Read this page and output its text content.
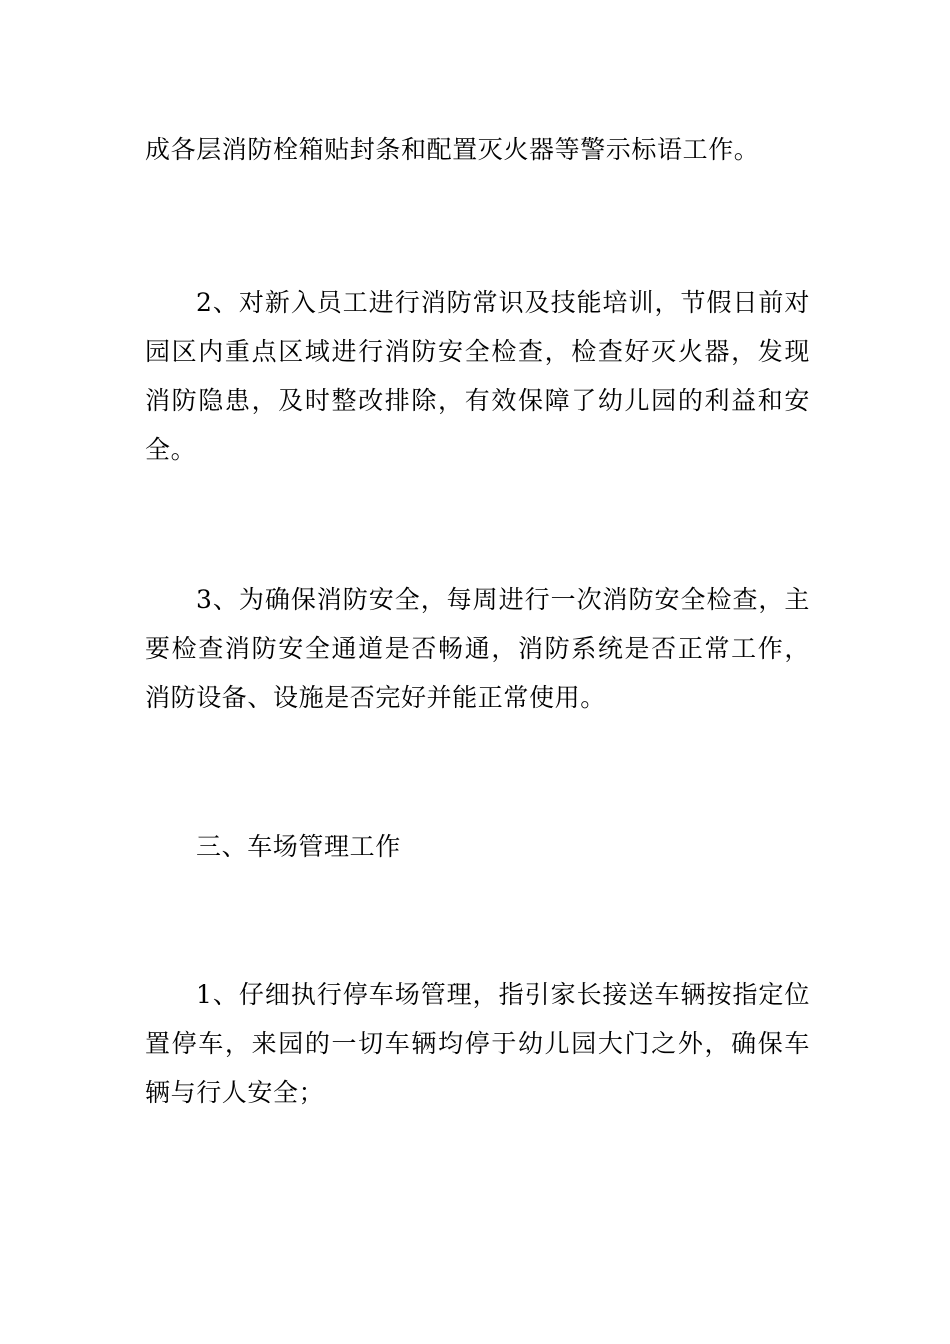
成各层消防栓箱贴封条和配置灭火器等警示标语工作。

2、对新入员工进行消防常识及技能培训，节假日前对园区内重点区域进行消防安全检查，检查好灭火器，发现消防隐患，及时整改排除，有效保障了幼儿园的利益和安全。

3、为确保消防安全，每周进行一次消防安全检查，主要检查消防安全通道是否畅通，消防系统是否正常工作，消防设备、设施是否完好并能正常使用。

三、车场管理工作

1、仔细执行停车场管理，指引家长接送车辆按指定位置停车，来园的一切车辆均停于幼儿园大门之外，确保车辆与行人安全；
